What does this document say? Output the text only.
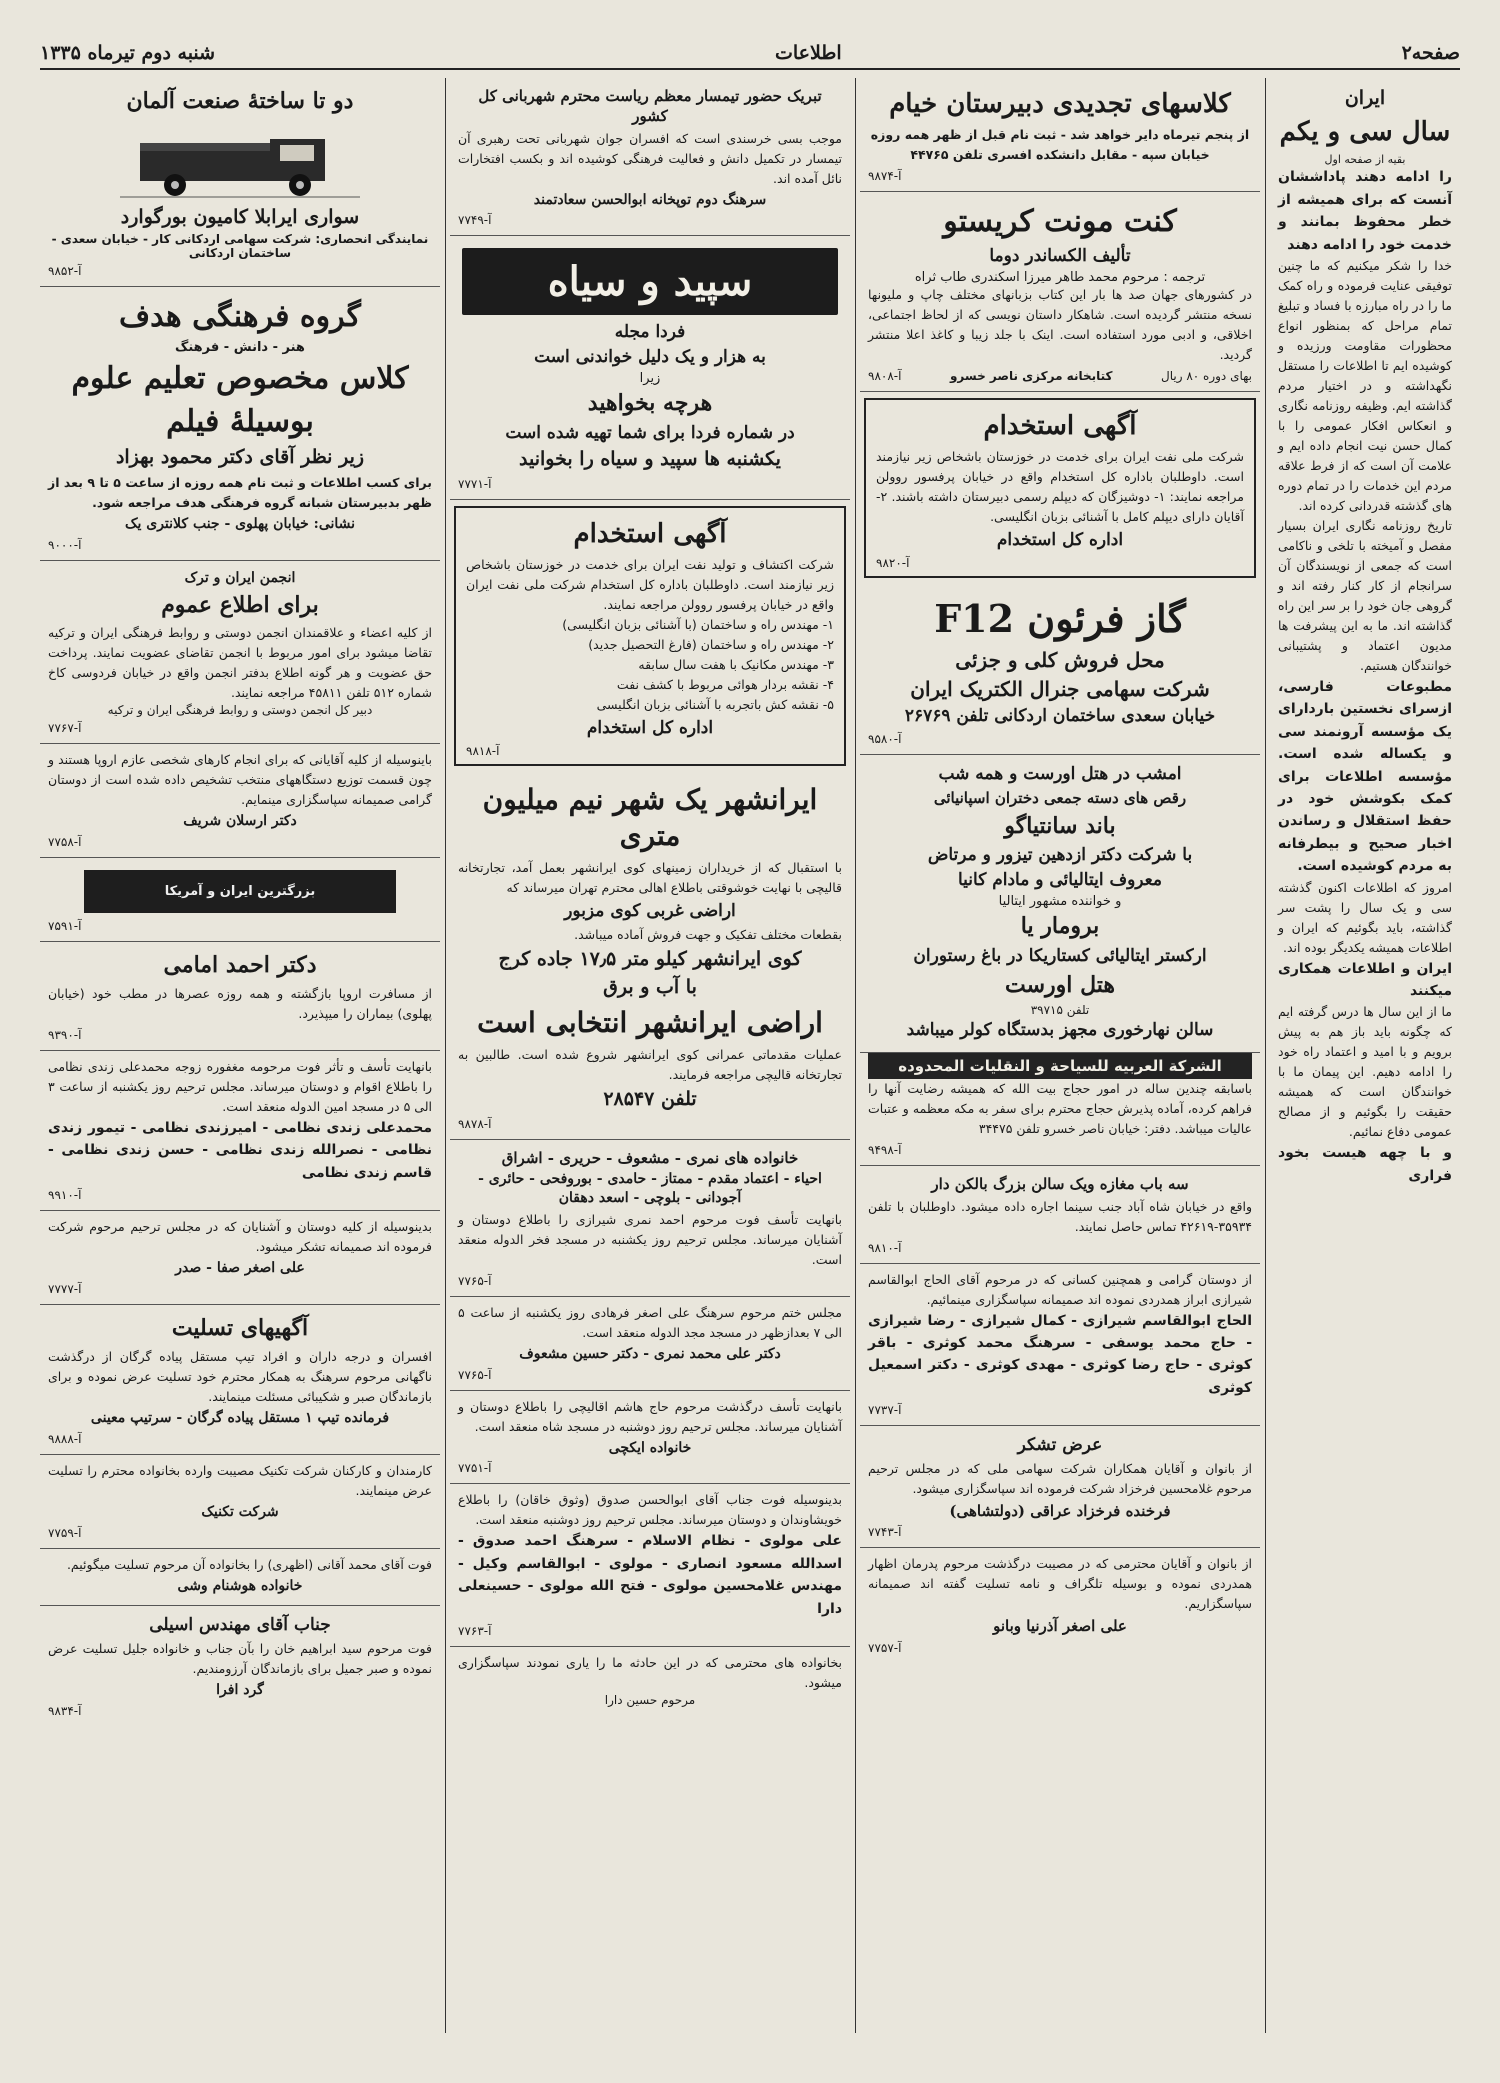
صفحه۲
اطلاعات
شنبه دوم تیرماه ۱۳۳۵
ایران
سال سی و یکم
بقیه از صفحه اول
را ادامه دهند پاداششان آنست که برای همیشه از خطر محفوظ بمانند و خدمت خود را ادامه دهند
خدا را شکر میکنیم که ما چنین توفیقی عنایت فرموده و راه کمک ما را در راه مبارزه با فساد و تبلیغ تمام مراحل که بمنظور انواع محظورات مقاومت ورزیده و کوشیده ایم تا اطلاعات را مستقل نگهداشته و در اختیار مردم گذاشته ایم. وظیفه روزنامه نگاری و انعکاس افکار عمومی را با کمال حسن نیت انجام داده ایم و علامت آن است که از فرط علاقه مردم این خدمات را در تمام دوره های گذشته قدردانی کرده اند.
تاریخ روزنامه نگاری ایران بسیار مفصل و آمیخته با تلخی و ناکامی است که جمعی از نویسندگان آن سرانجام از کار کنار رفته اند و گروهی جان خود را بر سر این راه گذاشته اند. ما به این پیشرفت ها مدیون اعتماد و پشتیبانی خوانندگان هستیم.
مطبوعات فارسی، ازسرای نخستین باردارای یک مؤسسه آرونمند سی و یکساله شده است. مؤسسه اطلاعات برای کمک بکوشش خود در حفظ استقلال و رساندن اخبار صحیح و بیطرفانه به مردم کوشیده است.
امروز که اطلاعات اکنون گذشته سی و یک سال را پشت سر گذاشته، باید بگوئیم که ایران و اطلاعات همیشه یکدیگر بوده اند.
ایران و اطلاعات همکاری میکنند
ما از این سال ها درس گرفته ایم که چگونه باید باز هم به پیش برویم و با امید و اعتماد راه خود را ادامه دهیم. این پیمان ما با خوانندگان است که همیشه حقیقت را بگوئیم و از مصالح عمومی دفاع نمائیم.
و با چهه هیست بخود فراری
کلاسهای تجدیدی دبیرستان خیام
از پنجم تیرماه دایر خواهد شد - ثبت نام قبل از ظهر همه روزه خیابان سپه - مقابل دانشکده افسری تلفن ۴۴۷۶۵
آ-۹۸۷۴
کنت مونت کریستو
تألیف الکساندر دوما
ترجمه : مرحوم محمد طاهر میرزا اسکندری طاب ثراه
در کشورهای جهان صد ها بار این کتاب بزبانهای مختلف چاپ و ملیونها نسخه منتشر گردیده است. شاهکار داستان نویسی که از لحاظ اجتماعی، اخلاقی، و ادبی مورد استفاده است. اینک با جلد زیبا و کاغذ اعلا منتشر گردید.
بهای دوره ۸۰ ریال
کتابخانه مرکزی ناصر خسرو
آ-۹۸۰۸
آگهی استخدام
شرکت ملی نفت ایران برای خدمت در خوزستان باشخاص زیر نیازمند است. داوطلبان باداره کل استخدام واقع در خیابان پرفسور روولن مراجعه نمایند: ۱- دوشیزگان که دیپلم رسمی دبیرستان داشته باشند. ۲- آقایان دارای دیپلم کامل با آشنائی بزبان انگلیسی.
اداره کل استخدام
آ-۹۸۲۰
گاز فرئون F12
محل فروش کلی و جزئی
شرکت سهامی جنرال الکتریک ایران
خیابان سعدی ساختمان اردکانی تلفن ۲۶۷۶۹
آ-۹۵۸۰
امشب در هتل اورست و همه شب
رقص های دسته جمعی دختران اسپانیائی
باند سانتیاگو
با شرکت دکتر ازدهین تیزور و مرتاض
معروف ایتالیائی و مادام کانیا
و خواننده مشهور ایتالیا
برومار یا
ارکستر ایتالیائی کستاریکا در باغ رستوران
هتل اورست
تلفن ۳۹۷۱۵
سالن نهارخوری مجهز بدستگاه کولر میباشد
الشرکة العربیه للسیاحة و النقلیات المحدوده
باسابقه چندین ساله در امور حجاج بیت الله که همیشه رضایت آنها را فراهم کرده، آماده پذیرش حجاج محترم برای سفر به مکه معظمه و عتبات عالیات میباشد. دفتر: خیابان ناصر خسرو تلفن ۳۴۴۷۵
آ-۹۴۹۸
سه باب مغازه ویک سالن بزرگ بالکن دار
واقع در خیابان شاه آباد جنب سینما اجاره داده میشود. داوطلبان با تلفن ۳۵۹۳۴-۴۲۶۱۹ تماس حاصل نمایند.
آ-۹۸۱۰
از دوستان گرامی و همچنین کسانی که در مرحوم آقای الحاج ابوالقاسم شیرازی ابراز همدردی نموده اند صمیمانه سپاسگزاری مینمائیم.
الحاج ابوالقاسم شیرازی - کمال شیرازی - رضا شیرازی - حاج محمد یوسفی - سرهنگ محمد کوثری - باقر کوثری - حاج رضا کوثری - مهدی کوثری - دکتر اسمعیل کوثری
آ-۷۷۳۷
عرض تشکر
از بانوان و آقایان همکاران شرکت سهامی ملی که در مجلس ترحیم مرحوم غلامحسین فرخزاد شرکت فرموده اند سپاسگزاری میشود.
فرخنده فرخزاد عراقی (دولتشاهی)
آ-۷۷۴۳
از بانوان و آقایان محترمی که در مصیبت درگذشت مرحوم پدرمان اظهار همدردی نموده و بوسیله تلگراف و نامه تسلیت گفته اند صمیمانه سپاسگزاریم.
علی اصغر آذرنیا وبانو
آ-۷۷۵۷
تبریک حضور تیمسار معظم ریاست محترم شهربانی کل کشور
موجب بسی خرسندی است که افسران جوان شهربانی تحت رهبری آن تیمسار در تکمیل دانش و فعالیت فرهنگی کوشیده اند و بکسب افتخارات نائل آمده اند.
سرهنگ دوم توپخانه ابوالحسن سعادتمند
آ-۷۷۴۹
سپید و سیاه
فردا مجله
به هزار و یک دلیل خواندنی است
زیرا
هرچه بخواهید
در شماره فردا برای شما تهیه شده است
یکشنبه ها سپید و سیاه را بخوانید
آ-۷۷۷۱
آگهی استخدام
شرکت اکتشاف و تولید نفت ایران برای خدمت در خوزستان باشخاص زیر نیازمند است. داوطلبان باداره کل استخدام شرکت ملی نفت ایران واقع در خیابان پرفسور روولن مراجعه نمایند.
۱- مهندس راه و ساختمان (با آشنائی بزبان انگلیسی)
۲- مهندس راه و ساختمان (فارغ التحصیل جدید)
۳- مهندس مکانیک با هفت سال سابقه
۴- نقشه بردار هوائی مربوط با کشف نفت
۵- نقشه کش باتجربه با آشنائی بزبان انگلیسی
اداره کل استخدام
آ-۹۸۱۸
ایرانشهر یک شهر نیم میلیون متری
با استقبال که از خریداران زمینهای کوی ایرانشهر بعمل آمد، تجارتخانه قالیچی با نهایت خوشوقتی باطلاع اهالی محترم تهران میرساند که
اراضی غربی کوی مزبور
بقطعات مختلف تفکیک و جهت فروش آماده میباشد.
کوی ایرانشهر کیلو متر ۱۷٫۵ جاده کرج
با آب و برق
اراضی ایرانشهر انتخابی است
عملیات مقدماتی عمرانی کوی ایرانشهر شروع شده است. طالبین به تجارتخانه قالیچی مراجعه فرمایند.
تلفن ۲۸۵۴۷
آ-۹۸۷۸
خانواده های نمری - مشعوف - حریری - اشراق
احیاء - اعتماد مقدم - ممتاز - حامدی - بوروفحی - حائری - آجودانی - بلوچی - اسعد دهقان
بانهایت تأسف فوت مرحوم احمد نمری شیرازی را باطلاع دوستان و آشنایان میرساند. مجلس ترحیم روز یکشنبه در مسجد فخر الدوله منعقد است.
آ-۷۷۶۵
مجلس ختم مرحوم سرهنگ علی اصغر فرهادی روز یکشنبه از ساعت ۵ الی ۷ بعدازظهر در مسجد مجد الدوله منعقد است.
دکتر علی محمد نمری - دکتر حسین مشعوف
آ-۷۷۶۵
بانهایت تأسف درگذشت مرحوم حاج هاشم اقالیچی را باطلاع دوستان و آشنایان میرساند. مجلس ترحیم روز دوشنبه در مسجد شاه منعقد است.
خانواده ایکچی
آ-۷۷۵۱
بدینوسیله فوت جناب آقای ابوالحسن صدوق (وثوق خاقان) را باطلاع خویشاوندان و دوستان میرساند. مجلس ترحیم روز دوشنبه منعقد است.
علی مولوی - نظام الاسلام - سرهنگ احمد صدوق - اسدالله مسعود انصاری - مولوی - ابوالقاسم وکیل - مهندس غلامحسین مولوی - فتح الله مولوی - حسینعلی دارا
آ-۷۷۶۳
بخانواده های محترمی که در این حادثه ما را یاری نمودند سپاسگزاری میشود.
مرحوم حسین دارا
دو تا ساختهٔ صنعت آلمان
سواری ایرابلا کامیون بورگوارد
نمایندگی انحصاری: شرکت سهامی اردکانی کار - خیابان سعدی - ساختمان اردکانی
آ-۹۸۵۲
گروه فرهنگی هدف
هنر - دانش - فرهنگ
کلاس مخصوص تعلیم علوم
بوسیلهٔ فیلم
زیر نظر آقای دکتر محمود بهزاد
برای کسب اطلاعات و ثبت نام همه روزه از ساعت ۵ تا ۹ بعد از ظهر بدبیرستان شبانه گروه فرهنگی هدف مراجعه شود.
نشانی: خیابان پهلوی - جنب کلانتری یک
آ-۹۰۰۰
انجمن ایران و ترک
برای اطلاع عموم
از کلیه اعضاء و علاقمندان انجمن دوستی و روابط فرهنگی ایران و ترکیه تقاضا میشود برای امور مربوط با انجمن تقاضای عضویت نمایند. پرداخت حق عضویت و هر گونه اطلاع بدفتر انجمن واقع در خیابان فردوسی کاخ شماره ۵۱۲ تلفن ۴۵۸۱۱ مراجعه نمایند.
دبیر کل انجمن دوستی و روابط فرهنگی ایران و ترکیه
آ-۷۷۶۷
باینوسیله از کلیه آقایانی که برای انجام کارهای شخصی عازم اروپا هستند و چون قسمت توزیع دستگاههای منتخب تشخیص داده شده است از دوستان گرامی صمیمانه سپاسگزاری مینمایم.
دکتر ارسلان شریف
آ-۷۷۵۸
بزرگترین ایران و آمریکا
آ-۷۵۹۱
دکتر احمد امامی
از مسافرت اروپا بازگشته و همه روزه عصرها در مطب خود (خیابان پهلوی) بیماران را میپذیرد.
آ-۹۳۹۰
بانهایت تأسف و تأثر فوت مرحومه مغفوره زوجه محمدعلی زندی نظامی را باطلاع اقوام و دوستان میرساند. مجلس ترحیم روز یکشنبه از ساعت ۳ الی ۵ در مسجد امین الدوله منعقد است.
محمدعلی زندی نظامی - امیرزندی نظامی - تیمور زندی نظامی - نصرالله زندی نظامی - حسن زندی نظامی - قاسم زندی نظامی
آ-۹۹۱۰
بدینوسیله از کلیه دوستان و آشنایان که در مجلس ترحیم مرحوم شرکت فرموده اند صمیمانه تشکر میشود.
علی اصغر صفا - صدر
آ-۷۷۷۷
آگهیهای تسلیت
افسران و درجه داران و افراد تیپ مستقل پیاده گرگان از درگذشت ناگهانی مرحوم سرهنگ به همکار محترم خود تسلیت عرض نموده و برای بازماندگان صبر و شکیبائی مسئلت مینمایند.
فرمانده تیپ ۱ مستقل پیاده گرگان - سرتیپ معینی
آ-۹۸۸۸
کارمندان و کارکنان شرکت تکنیک مصیبت وارده بخانواده محترم را تسلیت عرض مینمایند.
شرکت تکنیک
آ-۷۷۵۹
فوت آقای محمد آقانی (اظهری) را بخانواده آن مرحوم تسلیت میگوئیم.
خانواده هوشنام وشی
جناب آقای مهندس اسیلی
فوت مرحوم سید ابراهیم خان را بآن جناب و خانواده جلیل تسلیت عرض نموده و صبر جمیل برای بازماندگان آرزومندیم.
گرد افرا
آ-۹۸۳۴
